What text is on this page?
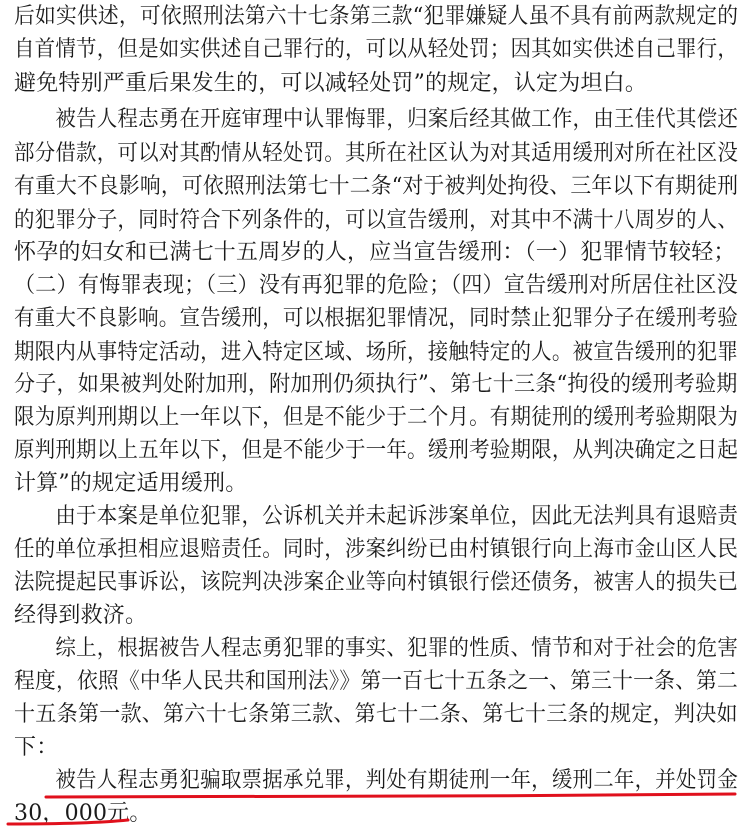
后如实供述，可依照刑法第六十七条第三款“犯罪嫌疑人虽不具有前两款规定的
自首情节，但是如实供述自己罪行的，可以从轻处罚；因其如实供述自己罪行，
避免特别严重后果发生的，可以减轻处罚”的规定，认定为坦白。
　　被告人程志勇在开庭审理中认罪悔罪，归案后经其做工作，由王佳代其偿还
部分借款，可以对其酌情从轻处罚。其所在社区认为对其适用缓刑对所在社区没
有重大不良影响，可依照刑法第七十二条“对于被判处拘役、三年以下有期徒刑
的犯罪分子，同时符合下列条件的，可以宣告缓刑，对其中不满十八周岁的人、
怀孕的妇女和已满七十五周岁的人，应当宣告缓刑：（一）犯罪情节较轻；
（二）有悔罪表现；（三）没有再犯罪的危险；（四）宣告缓刑对所居住社区没
有重大不良影响。宣告缓刑，可以根据犯罪情况，同时禁止犯罪分子在缓刑考验
期限内从事特定活动，进入特定区域、场所，接触特定的人。被宣告缓刑的犯罪
分子，如果被判处附加刑，附加刑仍须执行”、第七十三条“拘役的缓刑考验期
限为原判刑期以上一年以下，但是不能少于二个月。有期徒刑的缓刑考验期限为
原判刑期以上五年以下，但是不能少于一年。缓刑考验期限，从判决确定之日起
计算”的规定适用缓刑。
　　由于本案是单位犯罪，公诉机关并未起诉涉案单位，因此无法判具有退赔责
任的单位承担相应退赔责任。同时，涉案纠纷已由村镇银行向上海市金山区人民
法院提起民事诉讼，该院判决涉案企业等向村镇银行偿还债务，被害人的损失已
经得到救济。
　　综上，根据被告人程志勇犯罪的事实、犯罪的性质、情节和对于社会的危害
程度，依照《中华人民共和国刑法》》第一百七十五条之一、第三十一条、第二
十五条第一款、第六十七条第三款、第七十二条、第七十三条的规定，判决如
下：
　　被告人程志勇犯骗取票据承兑罪，判处有期徒刑一年，缓刑二年，并处罚金
30，000元。
